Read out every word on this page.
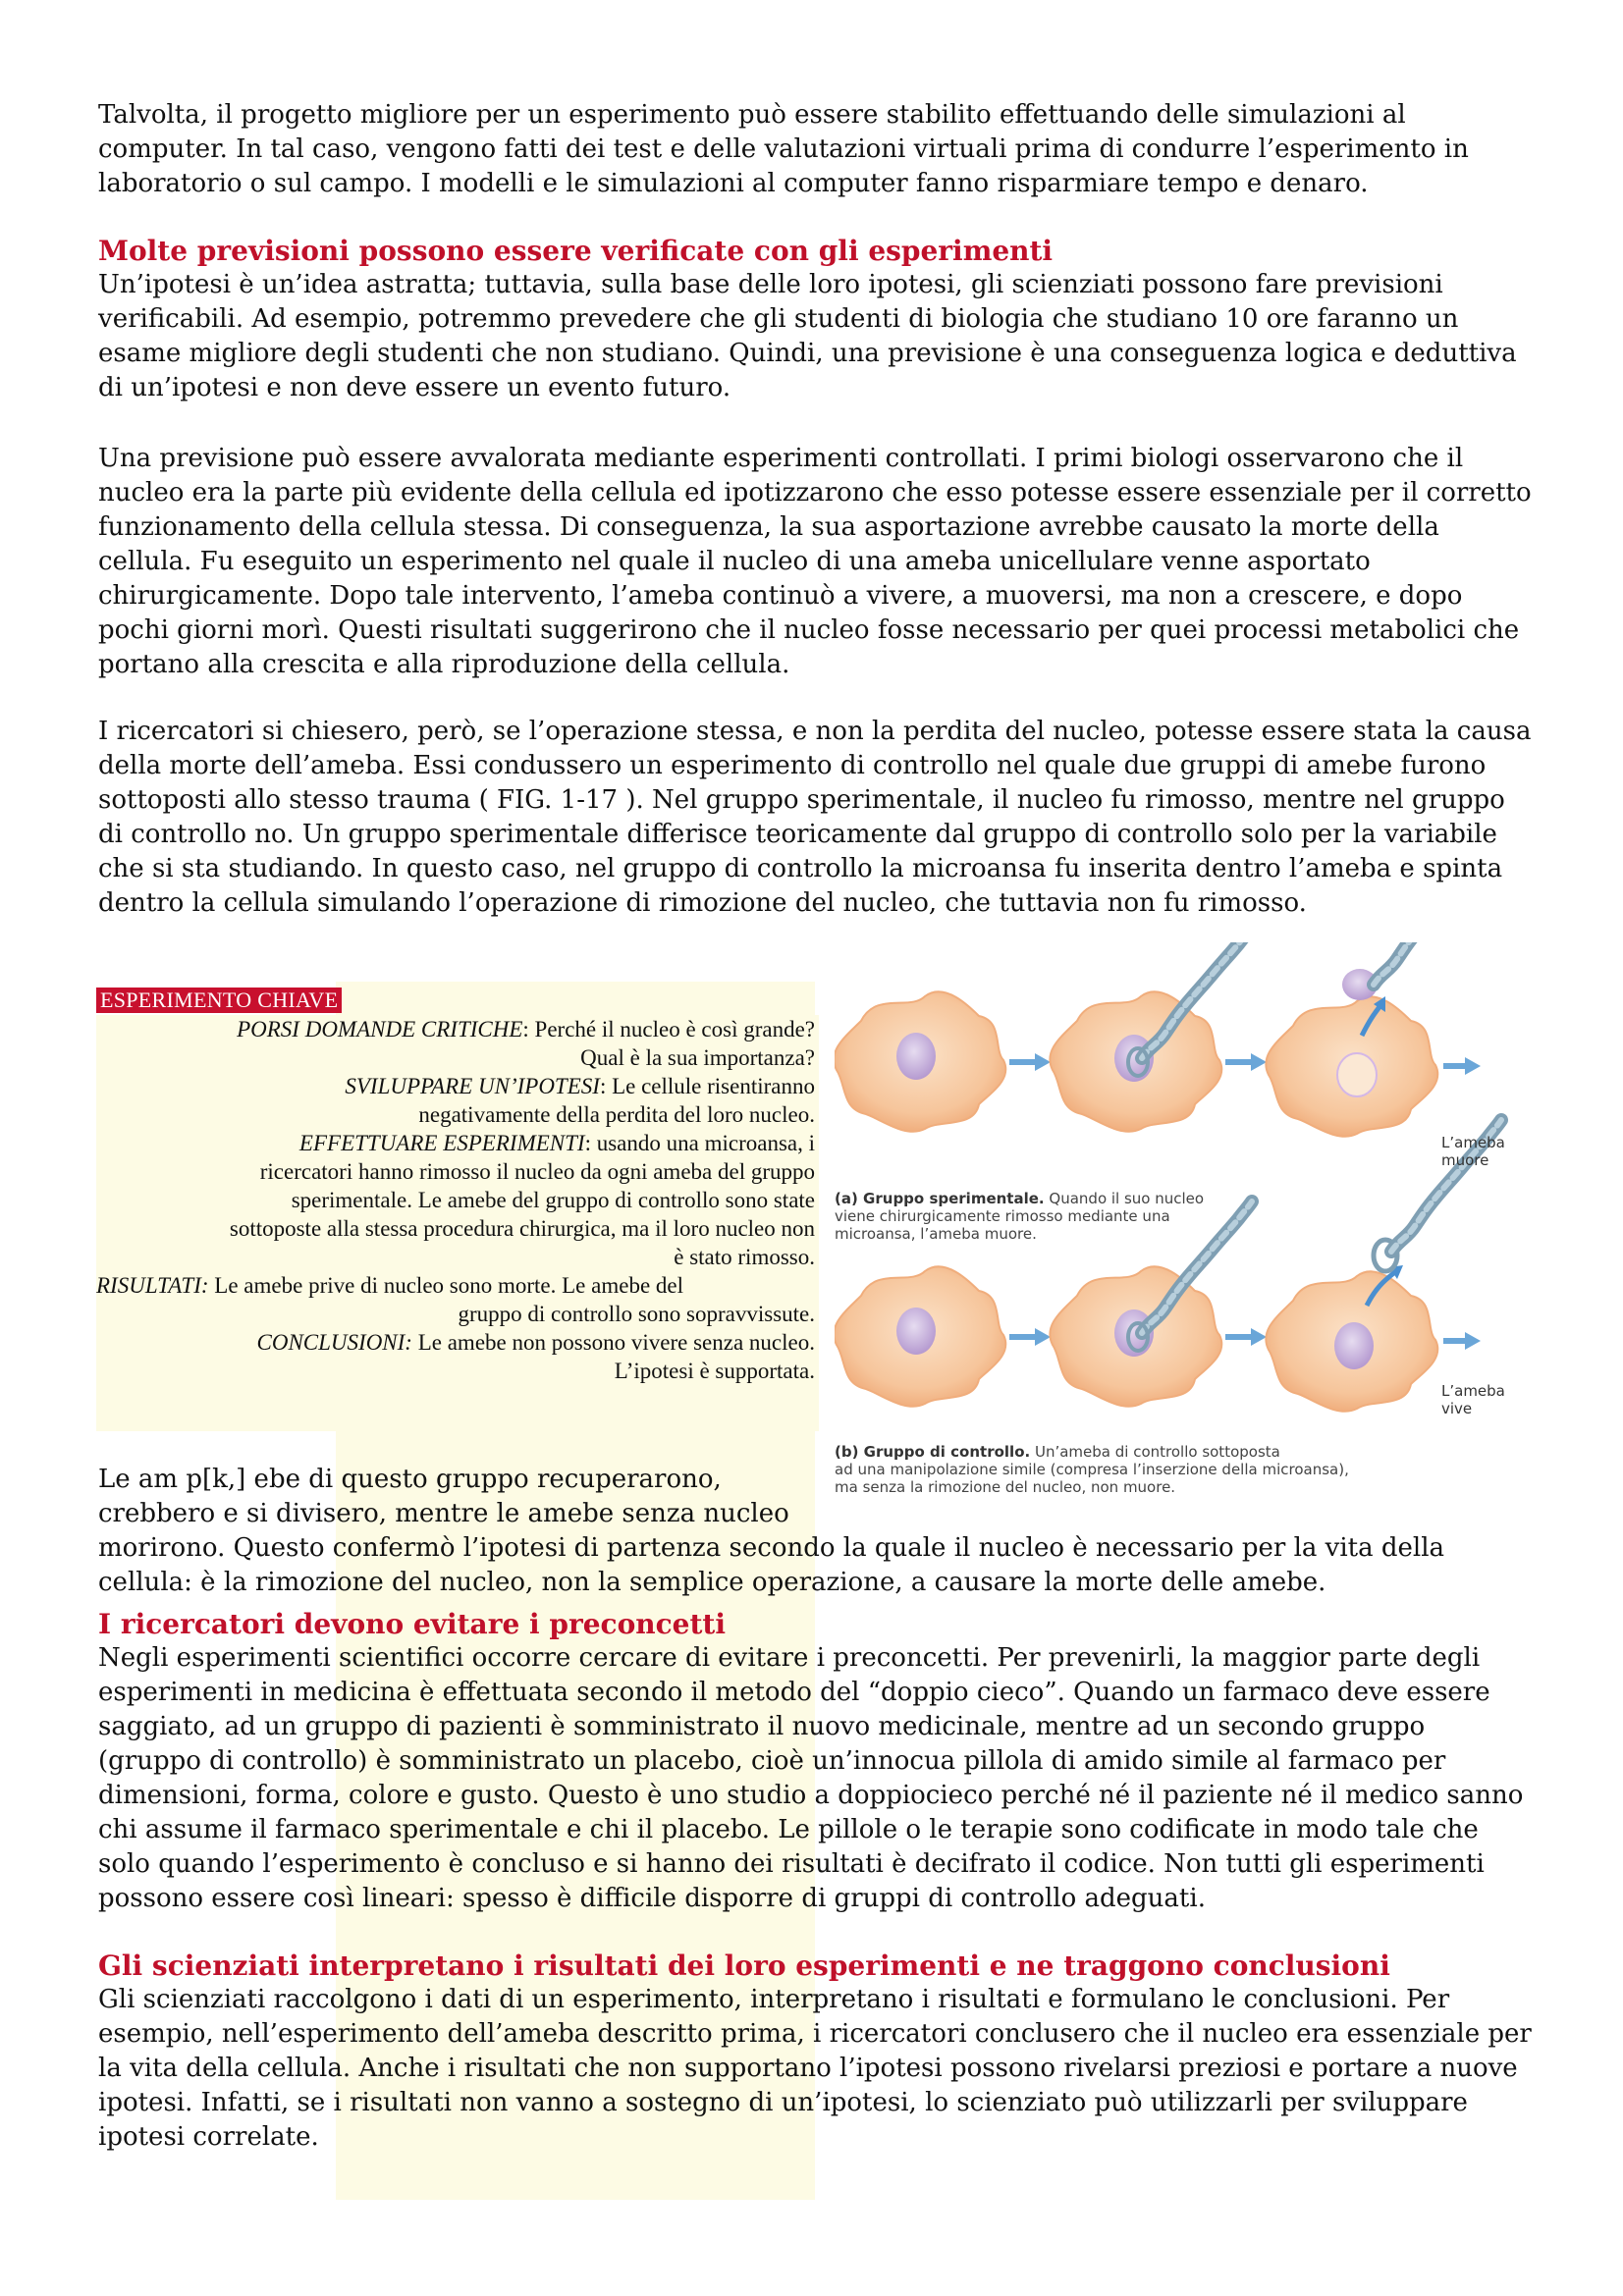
Talvolta, il progetto migliore per un esperimento può essere stabilito effettuando delle simulazioni al computer. In tal caso, vengono fatti dei test e delle valutazioni virtuali prima di condurre l’esperimento in laboratorio o sul campo. I modelli e le simulazioni al computer fanno risparmiare tempo e denaro.

Molte previsioni possono essere verificate con gli esperimenti

Un’ipotesi è un’idea astratta; tuttavia, sulla base delle loro ipotesi, gli scienziati possono fare previsioni verificabili. Ad esempio, potremmo prevedere che gli studenti di biologia che studiano 10 ore faranno un esame migliore degli studenti che non studiano. Quindi, una previsione è una conseguenza logica e deduttiva di un’ipotesi e non deve essere un evento futuro.

Una previsione può essere avvalorata mediante esperimenti controllati. I primi biologi osservarono che il nucleo era la parte più evidente della cellula ed ipotizzarono che esso potesse essere essenziale per il corretto funzionamento della cellula stessa. Di conseguenza, la sua asportazione avrebbe causato la morte della cellula. Fu eseguito un esperimento nel quale il nucleo di una ameba unicellulare venne asportato chirurgicamente. Dopo tale intervento, l’ameba continuò a vivere, a muoversi, ma non a crescere, e dopo pochi giorni morì. Questi risultati suggerirono che il nucleo fosse necessario per quei processi metabolici che portano alla crescita e alla riproduzione della cellula.

I ricercatori si chiesero, però, se l’operazione stessa, e non la perdita del nucleo, potesse essere stata la causa della morte dell’ameba. Essi condussero un esperimento di controllo nel quale due gruppi di amebe furono sottoposti allo stesso trauma ( FIG. 1-17 ). Nel gruppo sperimentale, il nucleo fu rimosso, mentre nel gruppo di controllo no. Un gruppo sperimentale differisce teoricamente dal gruppo di controllo solo per la variabile che si sta studiando. In questo caso, nel gruppo di controllo la microansa fu inserita dentro l’ameba e spinta dentro la cellula simulando l’operazione di rimozione del nucleo, che tuttavia non fu rimosso.

ESPERIMENTO CHIAVE
PORSI DOMANDE CRITICHE: Perché il nucleo è così grande?
Qual è la sua importanza?
SVILUPPARE UN’IPOTESI: Le cellule risentiranno
negativamente della perdita del loro nucleo.
EFFETTUARE ESPERIMENTI: usando una microansa, i
ricercatori hanno rimosso il nucleo da ogni ameba del gruppo
sperimentale. Le amebe del gruppo di controllo sono state
sottoposte alla stessa procedura chirurgica, ma il loro nucleo non
è stato rimosso.
RISULTATI: Le amebe prive di nucleo sono morte. Le amebe del
gruppo di controllo sono sopravvissute.
CONCLUSIONI: Le amebe non possono vivere senza nucleo.
L’ipotesi è supportata.
L’ameba
muore
L’ameba
vive
(a) Gruppo sperimentale. Quando il suo nucleo
viene chirurgicamente rimosso mediante una
microansa, l’ameba muore.
(b) Gruppo di controllo. Un’ameba di controllo sottoposta
ad una manipolazione simile (compresa l’inserzione della microansa),
ma senza la rimozione del nucleo, non muore.

Le am p[k,] ebe di questo gruppo recuperarono,
crebbero e si divisero, mentre le amebe senza nucleo
morirono. Questo confermò l’ipotesi di partenza secondo la quale il nucleo è necessario per la vita della cellula: è la rimozione del nucleo, non la semplice operazione, a causare la morte delle amebe.

I ricercatori devono evitare i preconcetti

Negli esperimenti scientifici occorre cercare di evitare i preconcetti. Per prevenirli, la maggior parte degli esperimenti in medicina è effettuata secondo il metodo del “doppio cieco”. Quando un farmaco deve essere saggiato, ad un gruppo di pazienti è somministrato il nuovo medicinale, mentre ad un secondo gruppo (gruppo di controllo) è somministrato un placebo, cioè un’innocua pillola di amido simile al farmaco per dimensioni, forma, colore e gusto. Questo è uno studio a doppiocieco perché né il paziente né il medico sanno chi assume il farmaco sperimentale e chi il placebo. Le pillole o le terapie sono codificate in modo tale che solo quando l’esperimento è concluso e si hanno dei risultati è decifrato il codice. Non tutti gli esperimenti possono essere così lineari: spesso è difficile disporre di gruppi di controllo adeguati.

Gli scienziati interpretano i risultati dei loro esperimenti e ne traggono conclusioni

Gli scienziati raccolgono i dati di un esperimento, interpretano i risultati e formulano le conclusioni. Per esempio, nell’esperimento dell’ameba descritto prima, i ricercatori conclusero che il nucleo era essenziale per la vita della cellula. Anche i risultati che non supportano l’ipotesi possono rivelarsi preziosi e portare a nuove ipotesi. Infatti, se i risultati non vanno a sostegno di un’ipotesi, lo scienziato può utilizzarli per sviluppare ipotesi correlate.
